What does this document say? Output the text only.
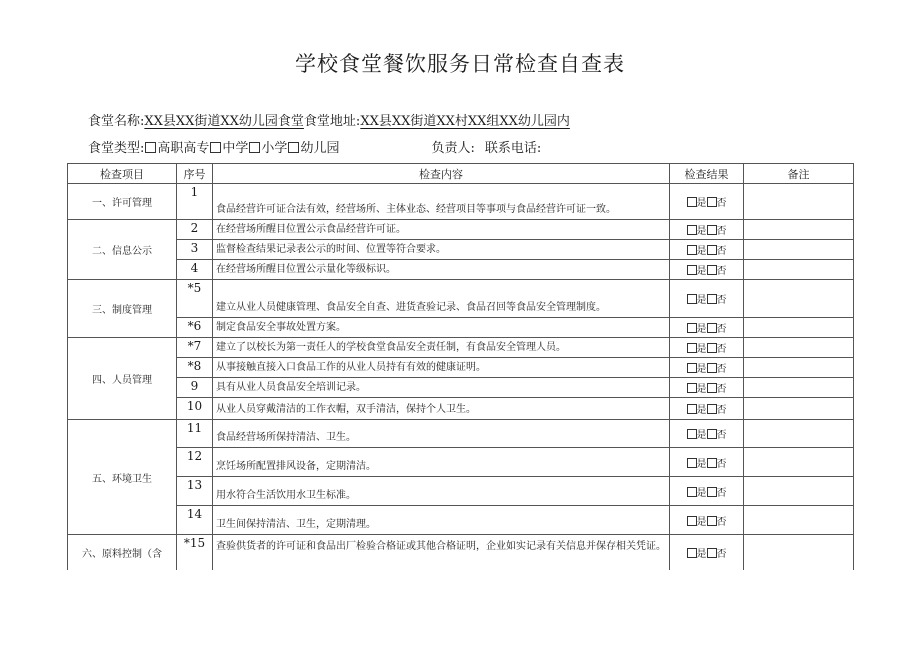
学校食堂餐饮服务日常检查自查表
食堂名称:XX县XX街道XX幼儿园食堂食堂地址:XX县XX街道XX村XX组XX幼儿园内
食堂类型: 高职高专 中学 小学 幼儿园	负责人: 联系电话:
检查项目	序号	检查内容	检查结果	备注
一、许可管理	1	食品经营许可证合法有效，经营场所、主体业态、经营项目等事项与食品经营许可证一致。	是 否	
二、信息公示	2	在经营场所醒目位置公示食品经营许可证。	是 否	
	3	监督检查结果记录表公示的时间、位置等符合要求。	是 否	
	4	在经营场所醒目位置公示量化等级标识。	是 否	
三、制度管理	*5	建立从业人员健康管理、食品安全自查、进货查验记录、食品召回等食品安全管理制度。	是 否	
	*6	制定食品安全事故处置方案。	是 否	
四、人员管理	*7	建立了以校长为第一责任人的学校食堂食品安全责任制，有食品安全管理人员。	是 否	
	*8	从事接触直接入口食品工作的从业人员持有有效的健康证明。	是 否	
	9	具有从业人员食品安全培训记录。	是 否	
	10	从业人员穿戴清洁的工作衣帽，双手清洁，保持个人卫生。	是 否	
五、环境卫生	11	食品经营场所保持清洁、卫生。	是 否	
	12	烹饪场所配置排风设备，定期清洁。	是 否	
	13	用水符合生活饮用水卫生标准。	是 否	
	14	卫生间保持清洁、卫生，定期清理。	是 否	
六、原料控制（含	*15	查验供货者的许可证和食品出厂检验合格证或其他合格证明，企业如实记录有关信息并保存相关凭证。	是 否	
